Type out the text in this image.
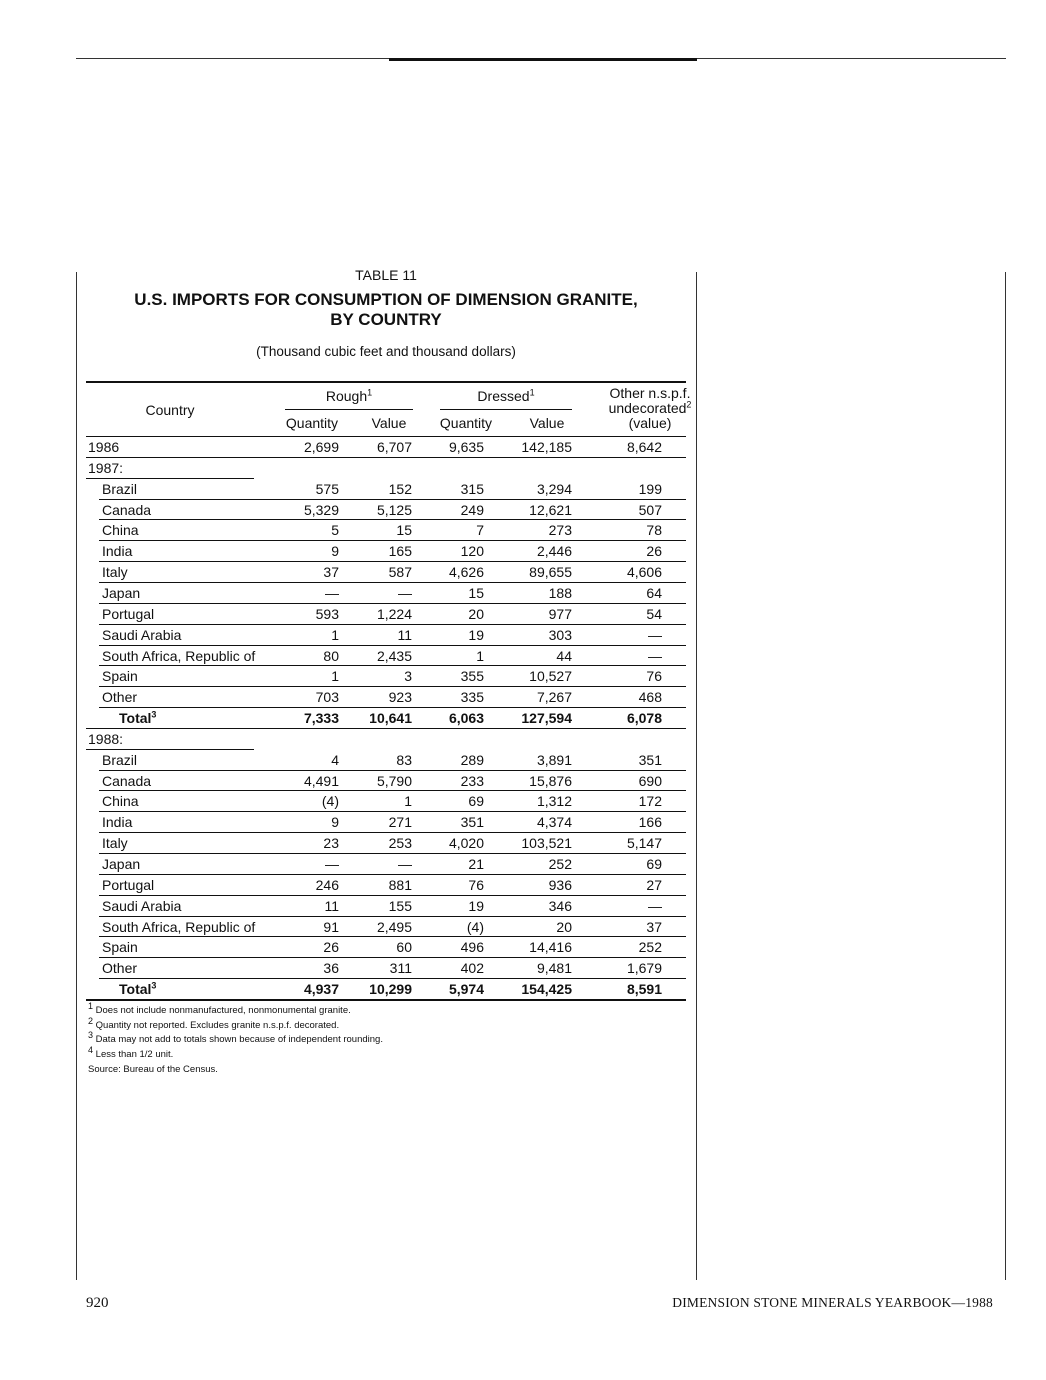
TABLE 11
U.S. IMPORTS FOR CONSUMPTION OF DIMENSION GRANITE,
BY COUNTRY
(Thousand cubic feet and thousand dollars)
Country
Rough$^1$	Dressed$^1$
Quantity	Value	Quantity	Value
Other n.s.p.f.
undecorated$^2$
(value)
1986	2,699	6,707	9,635	142,185	8,642
1987:
Brazil	575	152	315	3,294	199
Canada	5,329	5,125	249	12,621	507
China	5	15	7	273	78
India	9	165	120	2,446	26
Italy	37	587	4,626	89,655	4,606
Japan	—	—	15	188	64
Portugal	593	1,224	20	977	54
Saudi Arabia	1	11	19	303	—
South Africa, Republic of	80	2,435	1	44	—
Spain	1	3	355	10,527	76
Other	703	923	335	7,267	468
Total$^3$	7,333	10,641	6,063	127,594	6,078
1988:
Brazil	4	83	289	3,891	351
Canada	4,491	5,790	233	15,876	690
China	(4)	1	69	1,312	172
India	9	271	351	4,374	166
Italy	23	253	4,020	103,521	5,147
Japan	—	—	21	252	69
Portugal	246	881	76	936	27
Saudi Arabia	11	155	19	346	—
South Africa, Republic of	91	2,495	(4)	20	37
Spain	26	60	496	14,416	252
Other	36	311	402	9,481	1,679
Total$^3$	4,937	10,299	5,974	154,425	8,591
$^1$ Does not include nonmanufactured, nonmonumental granite.
$^2$ Quantity not reported. Excludes granite n.s.p.f. decorated.
$^3$ Data may not add to totals shown because of independent rounding.
$^4$ Less than 1/2 unit.
Source: Bureau of the Census.
920	DIMENSION STONE MINERALS YEARBOOK—1988
